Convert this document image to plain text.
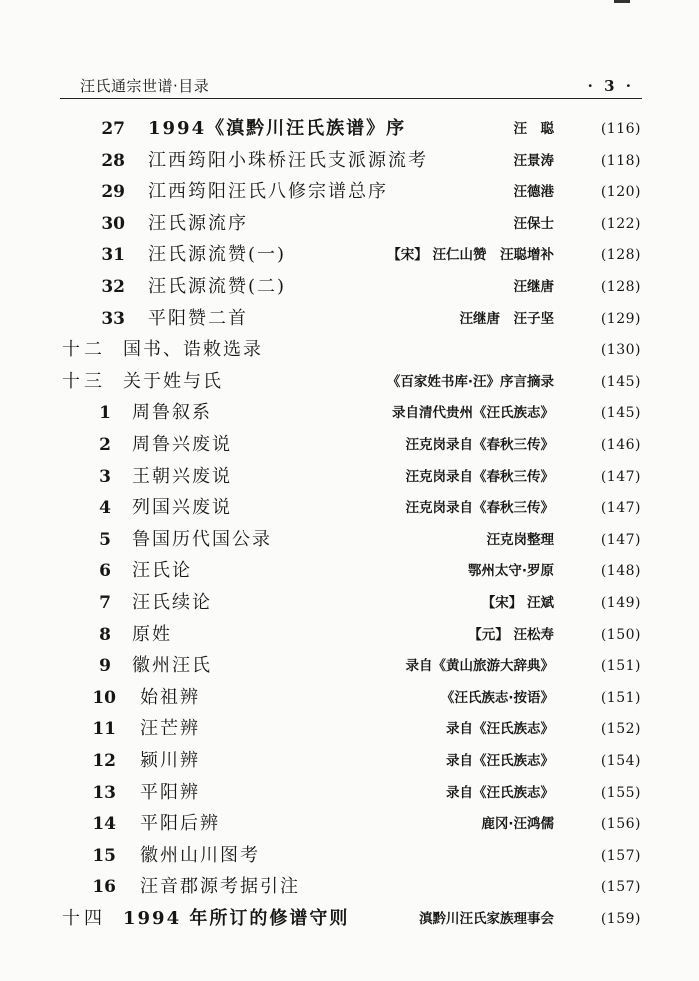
汪氏通宗世谱·目录	· 3 ·
27 1994《滇黔川汪氏族谱》序	汪　聪	(116)
28 江西筠阳小珠桥汪氏支派源流考	汪景涛	(118)
29 江西筠阳汪氏八修宗谱总序	汪德港	(120)
30 汪氏源流序	汪保士	(122)
31 汪氏源流赞(一)	【宋】 汪仁山赞　汪聪增补	(128)
32 汪氏源流赞(二)	汪继唐	(128)
33 平阳赞二首	汪继唐　汪子坚	(129)
十二 国书、诰敕选录	(130)
十三 关于姓与氏	《百家姓书库·汪》序言摘录	(145)
1 周鲁叙系	录自清代贵州《汪氏族志》	(145)
2 周鲁兴废说	汪克岗录自《春秋三传》	(146)
3 王朝兴废说	汪克岗录自《春秋三传》	(147)
4 列国兴废说	汪克岗录自《春秋三传》	(147)
5 鲁国历代国公录	汪克岗整理	(147)
6 汪氏论	鄂州太守·罗原	(148)
7 汪氏续论	【宋】 汪斌	(149)
8 原姓	【元】 汪松寿	(150)
9 徽州汪氏	录自《黄山旅游大辞典》	(151)
10 始祖辨	《汪氏族志·按语》	(151)
11 汪芒辨	录自《汪氏族志》	(152)
12 颍川辨	录自《汪氏族志》	(154)
13 平阳辨	录自《汪氏族志》	(155)
14 平阳后辨	鹿冈·汪鸿儒	(156)
15 徽州山川图考	(157)
16 汪音郡源考据引注	(157)
十四 1994 年所订的修谱守则	滇黔川汪氏家族理事会	(159)
